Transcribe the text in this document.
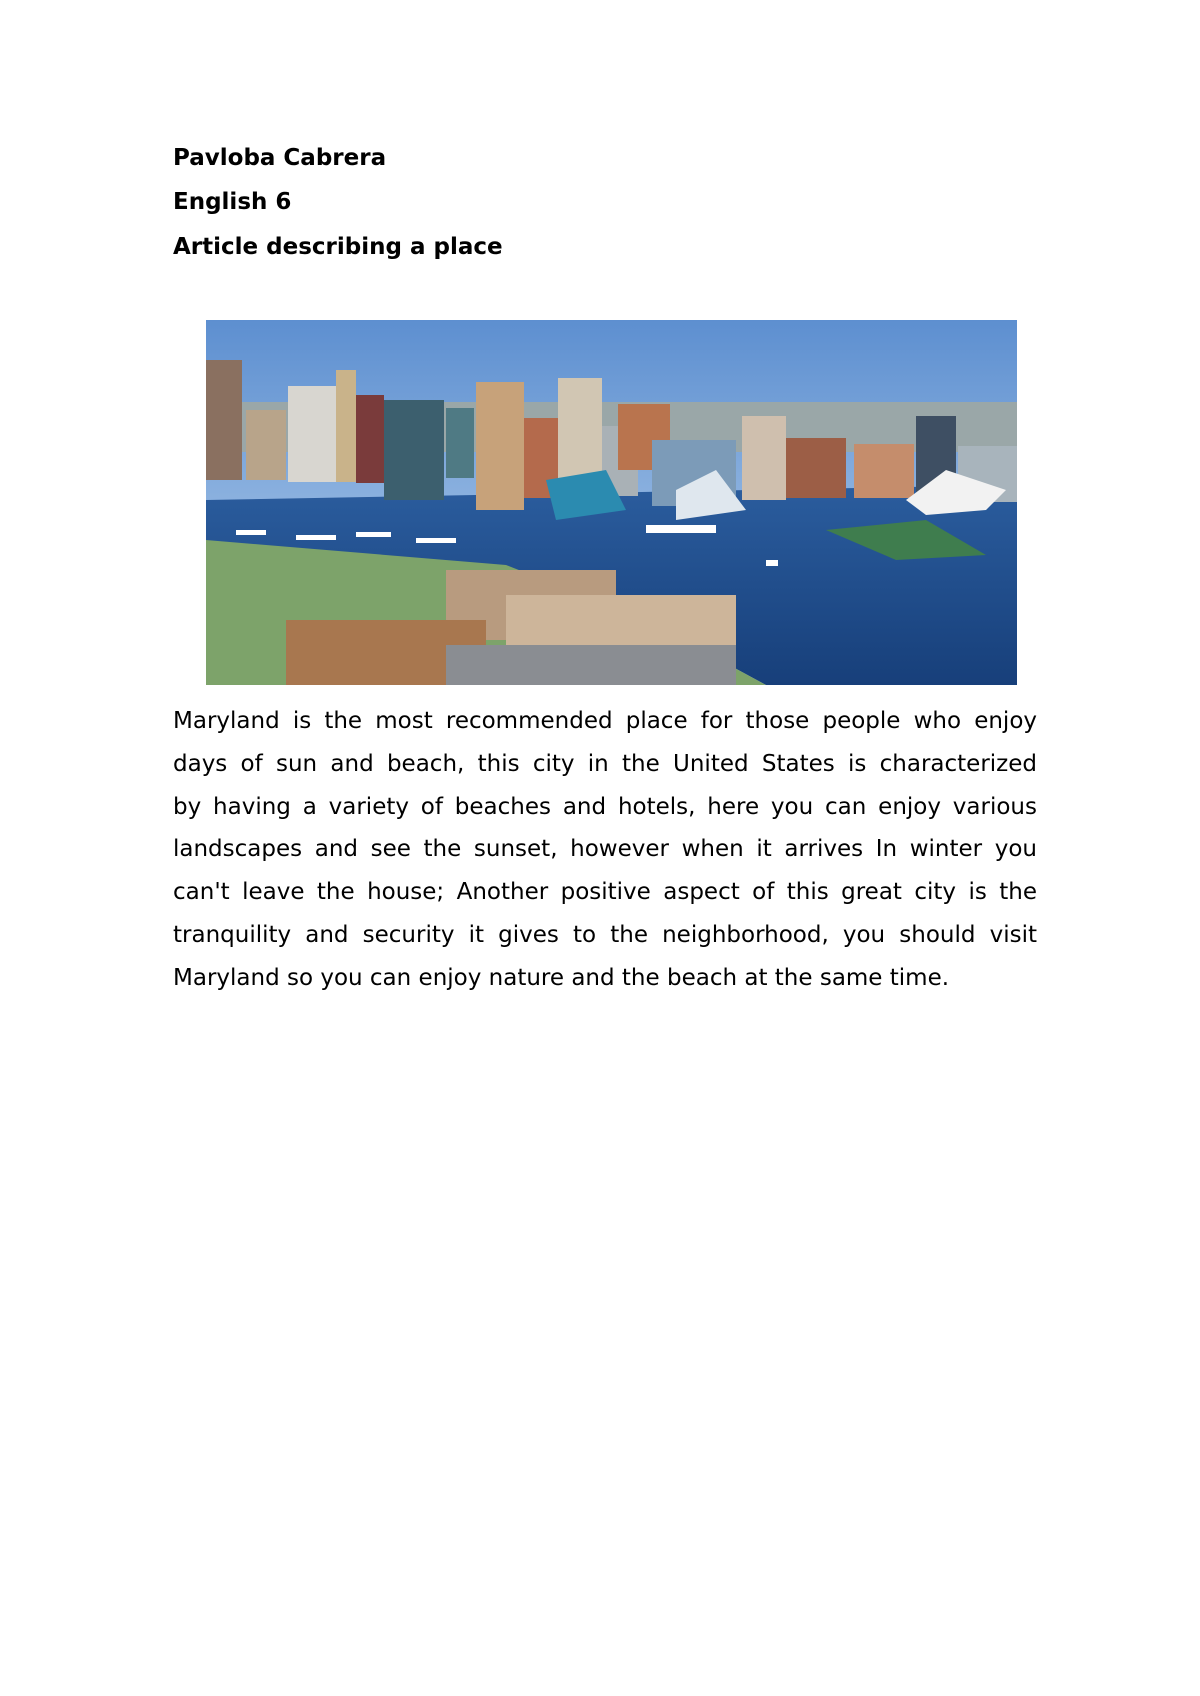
Pavloba Cabrera
English 6
Article describing a place
Maryland is the most recommended place for those people who enjoy
days of sun and beach, this city in the United States is characterized
by having a variety of beaches and hotels, here you can enjoy various
landscapes and see the sunset, however when it arrives In winter you
can't leave the house; Another positive aspect of this great city is the
tranquility and security it gives to the neighborhood, you should visit
Maryland so you can enjoy nature and the beach at the same time.
